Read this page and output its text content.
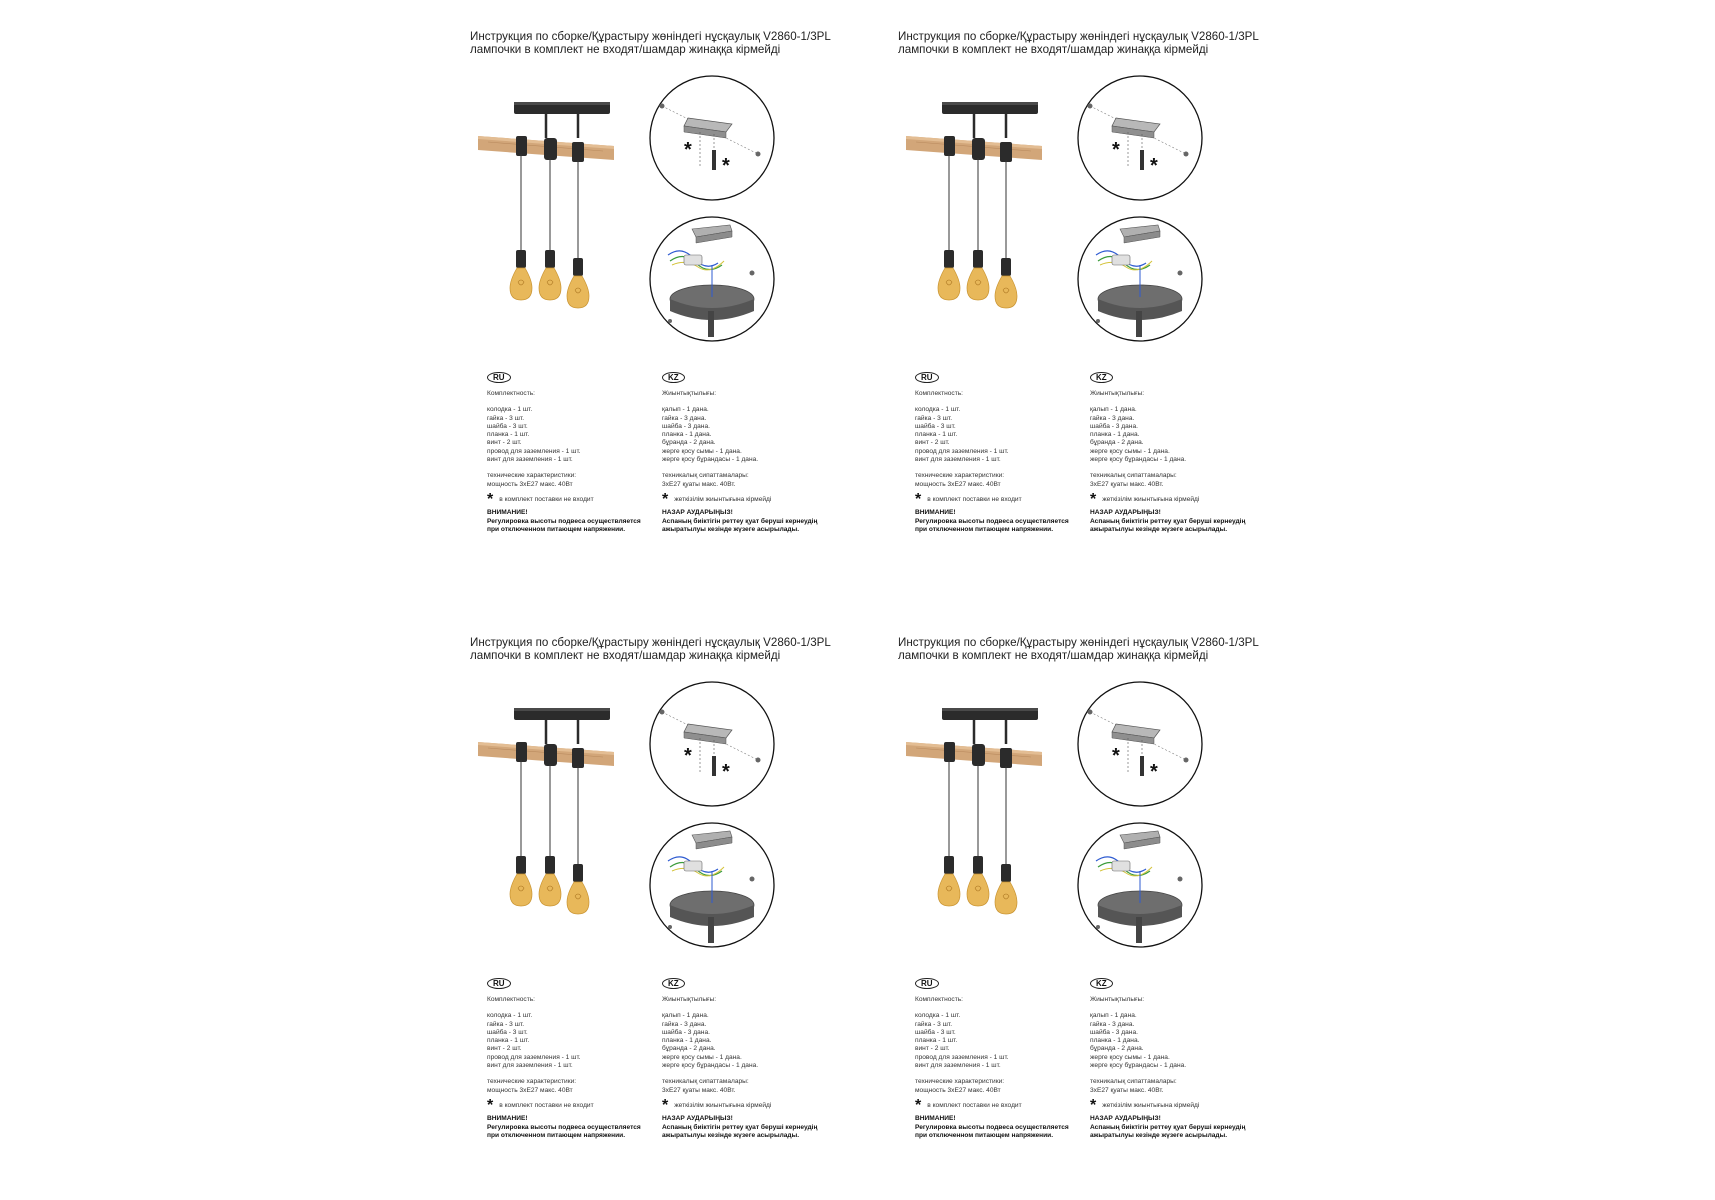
Инструкция по сборке/Құрастыру жөніндегі нұсқаулық V2860-1/3PL
лампочки в комплект не входят/шамдар жинаққа кірмейді
*
*
RU
Комплектность:
колодка - 1 шт.
гайка - 3 шт.
шайба - 3 шт.
планка - 1 шт.
винт - 2 шт.
провод для заземления - 1 шт.
винт для заземления - 1 шт.
технические характеристики:
мощность 3хЕ27 макс. 40Вт
* в комплект поставки не входит
ВНИМАНИЕ!
Регулировка высоты подвеса осуществляется
при отключенном питающем напряжении.
KZ
Жиынтықтылығы:
қалып - 1 дана.
гайка - 3 дана.
шайба - 3 дана.
планка - 1 дана.
бұранда - 2 дана.
жерге қосу сымы - 1 дана.
жерге қосу бұрандасы - 1 дана.
техникалық сипаттамалары:
3хЕ27 қуаты макс. 40Вт.
* жеткізілім жиынтығына кірмейді
НАЗАР АУДАРЫҢЫЗ!
Аспаның биіктігін реттеу қуат беруші кернеудің
ажыратылуы кезінде жүзеге асырылады.
Инструкция по сборке/Құрастыру жөніндегі нұсқаулық V2860-1/3PL
лампочки в комплект не входят/шамдар жинаққа кірмейді
*
*
RU
Комплектность:
колодка - 1 шт.
гайка - 3 шт.
шайба - 3 шт.
планка - 1 шт.
винт - 2 шт.
провод для заземления - 1 шт.
винт для заземления - 1 шт.
технические характеристики:
мощность 3хЕ27 макс. 40Вт
* в комплект поставки не входит
ВНИМАНИЕ!
Регулировка высоты подвеса осуществляется
при отключенном питающем напряжении.
KZ
Жиынтықтылығы:
қалып - 1 дана.
гайка - 3 дана.
шайба - 3 дана.
планка - 1 дана.
бұранда - 2 дана.
жерге қосу сымы - 1 дана.
жерге қосу бұрандасы - 1 дана.
техникалық сипаттамалары:
3хЕ27 қуаты макс. 40Вт.
* жеткізілім жиынтығына кірмейді
НАЗАР АУДАРЫҢЫЗ!
Аспаның биіктігін реттеу қуат беруші кернеудің
ажыратылуы кезінде жүзеге асырылады.
Инструкция по сборке/Құрастыру жөніндегі нұсқаулық V2860-1/3PL
лампочки в комплект не входят/шамдар жинаққа кірмейді
*
*
RU
Комплектность:
колодка - 1 шт.
гайка - 3 шт.
шайба - 3 шт.
планка - 1 шт.
винт - 2 шт.
провод для заземления - 1 шт.
винт для заземления - 1 шт.
технические характеристики:
мощность 3хЕ27 макс. 40Вт
* в комплект поставки не входит
ВНИМАНИЕ!
Регулировка высоты подвеса осуществляется
при отключенном питающем напряжении.
KZ
Жиынтықтылығы:
қалып - 1 дана.
гайка - 3 дана.
шайба - 3 дана.
планка - 1 дана.
бұранда - 2 дана.
жерге қосу сымы - 1 дана.
жерге қосу бұрандасы - 1 дана.
техникалық сипаттамалары:
3хЕ27 қуаты макс. 40Вт.
* жеткізілім жиынтығына кірмейді
НАЗАР АУДАРЫҢЫЗ!
Аспаның биіктігін реттеу қуат беруші кернеудің
ажыратылуы кезінде жүзеге асырылады.
Инструкция по сборке/Құрастыру жөніндегі нұсқаулық V2860-1/3PL
лампочки в комплект не входят/шамдар жинаққа кірмейді
*
*
RU
Комплектность:
колодка - 1 шт.
гайка - 3 шт.
шайба - 3 шт.
планка - 1 шт.
винт - 2 шт.
провод для заземления - 1 шт.
винт для заземления - 1 шт.
технические характеристики:
мощность 3хЕ27 макс. 40Вт
* в комплект поставки не входит
ВНИМАНИЕ!
Регулировка высоты подвеса осуществляется
при отключенном питающем напряжении.
KZ
Жиынтықтылығы:
қалып - 1 дана.
гайка - 3 дана.
шайба - 3 дана.
планка - 1 дана.
бұранда - 2 дана.
жерге қосу сымы - 1 дана.
жерге қосу бұрандасы - 1 дана.
техникалық сипаттамалары:
3хЕ27 қуаты макс. 40Вт.
* жеткізілім жиынтығына кірмейді
НАЗАР АУДАРЫҢЫЗ!
Аспаның биіктігін реттеу қуат беруші кернеудің
ажыратылуы кезінде жүзеге асырылады.
